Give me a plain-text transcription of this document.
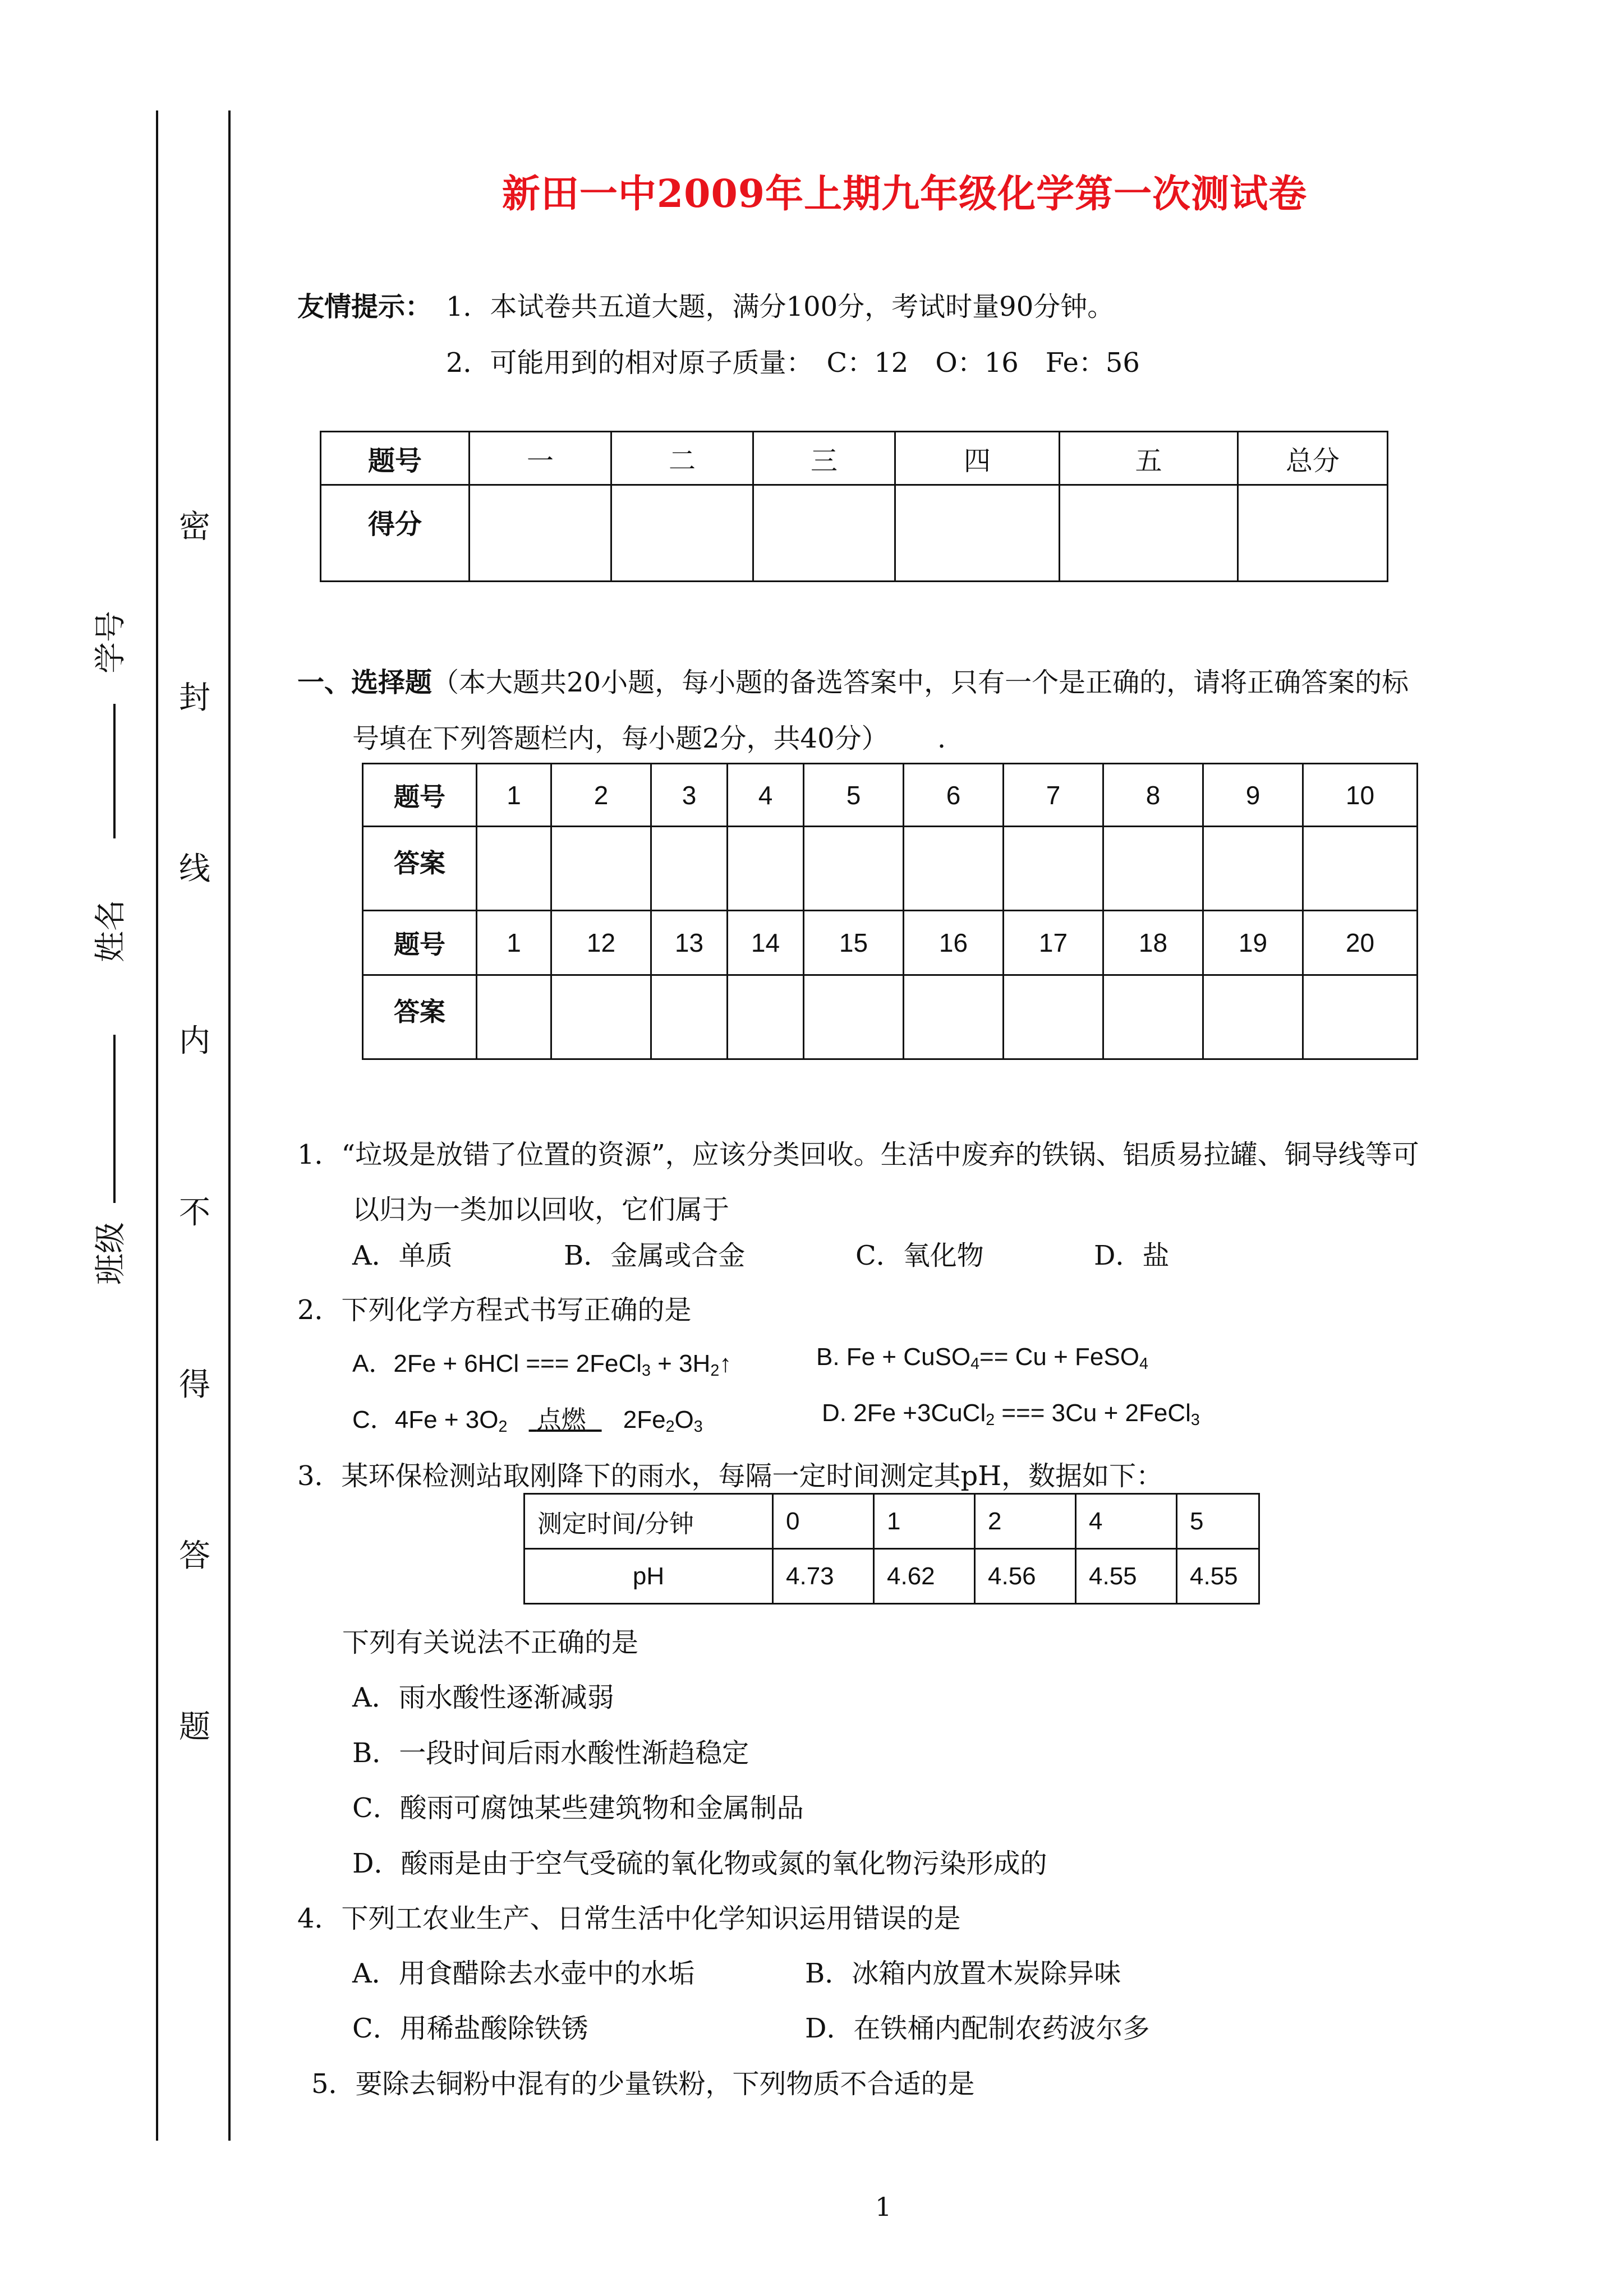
密
封
线
内
不
得
答
题
学号
姓名
班级
新田一中2009年上期九年级化学第一次测试卷
友情提示： 1．本试卷共五道大题，满分100分，考试时量90分钟。
2．可能用到的相对原子质量：　C：12　O：16　Fe：56
题号	一	二	三	四	五	总分
得分						
一、选择题（本大题共20小题，每小题的备选答案中，只有一个是正确的，请将正确答案的标
号填在下列答题栏内，每小题2分，共40分）　　 .
题号	1	2	3	4	5	6	7	8	9	10
答案										
题号	1	12	13	14	15	16	17	18	19	20
答案										
1．“垃圾是放错了位置的资源”，应该分类回收。生活中废弃的铁锅、铝质易拉罐、铜导线等可
以归为一类加以回收，它们属于
A．单质	B．金属或合金	C．氧化物	D．盐
2．下列化学方程式书写正确的是
A．2Fe + 6HCl === 2FeCl$_3$ + $3H_2↑$	B. Fe + CuSO$_4$== Cu + FeSO$_4$
C．$4Fe + 3O_2$ 点燃 $2Fe_2O_3$
D. 2Fe +3CuCl$_2$ === 3Cu + 2FeCl$_3$
3．某环保检测站取刚降下的雨水，每隔一定时间测定其pH，数据如下：
测定时间/分钟	0	1	2	4	5
pH	4.73	4.62	4.56	4.55	4.55
下列有关说法不正确的是
A．雨水酸性逐渐减弱
B．一段时间后雨水酸性渐趋稳定
C．酸雨可腐蚀某些建筑物和金属制品
D．酸雨是由于空气受硫的氧化物或氮的氧化物污染形成的
4．下列工农业生产、日常生活中化学知识运用错误的是
A．用食醋除去水壶中的水垢	B．冰箱内放置木炭除异味
C．用稀盐酸除铁锈	D．在铁桶内配制农药波尔多
5．要除去铜粉中混有的少量铁粉，下列物质不合适的是
1
